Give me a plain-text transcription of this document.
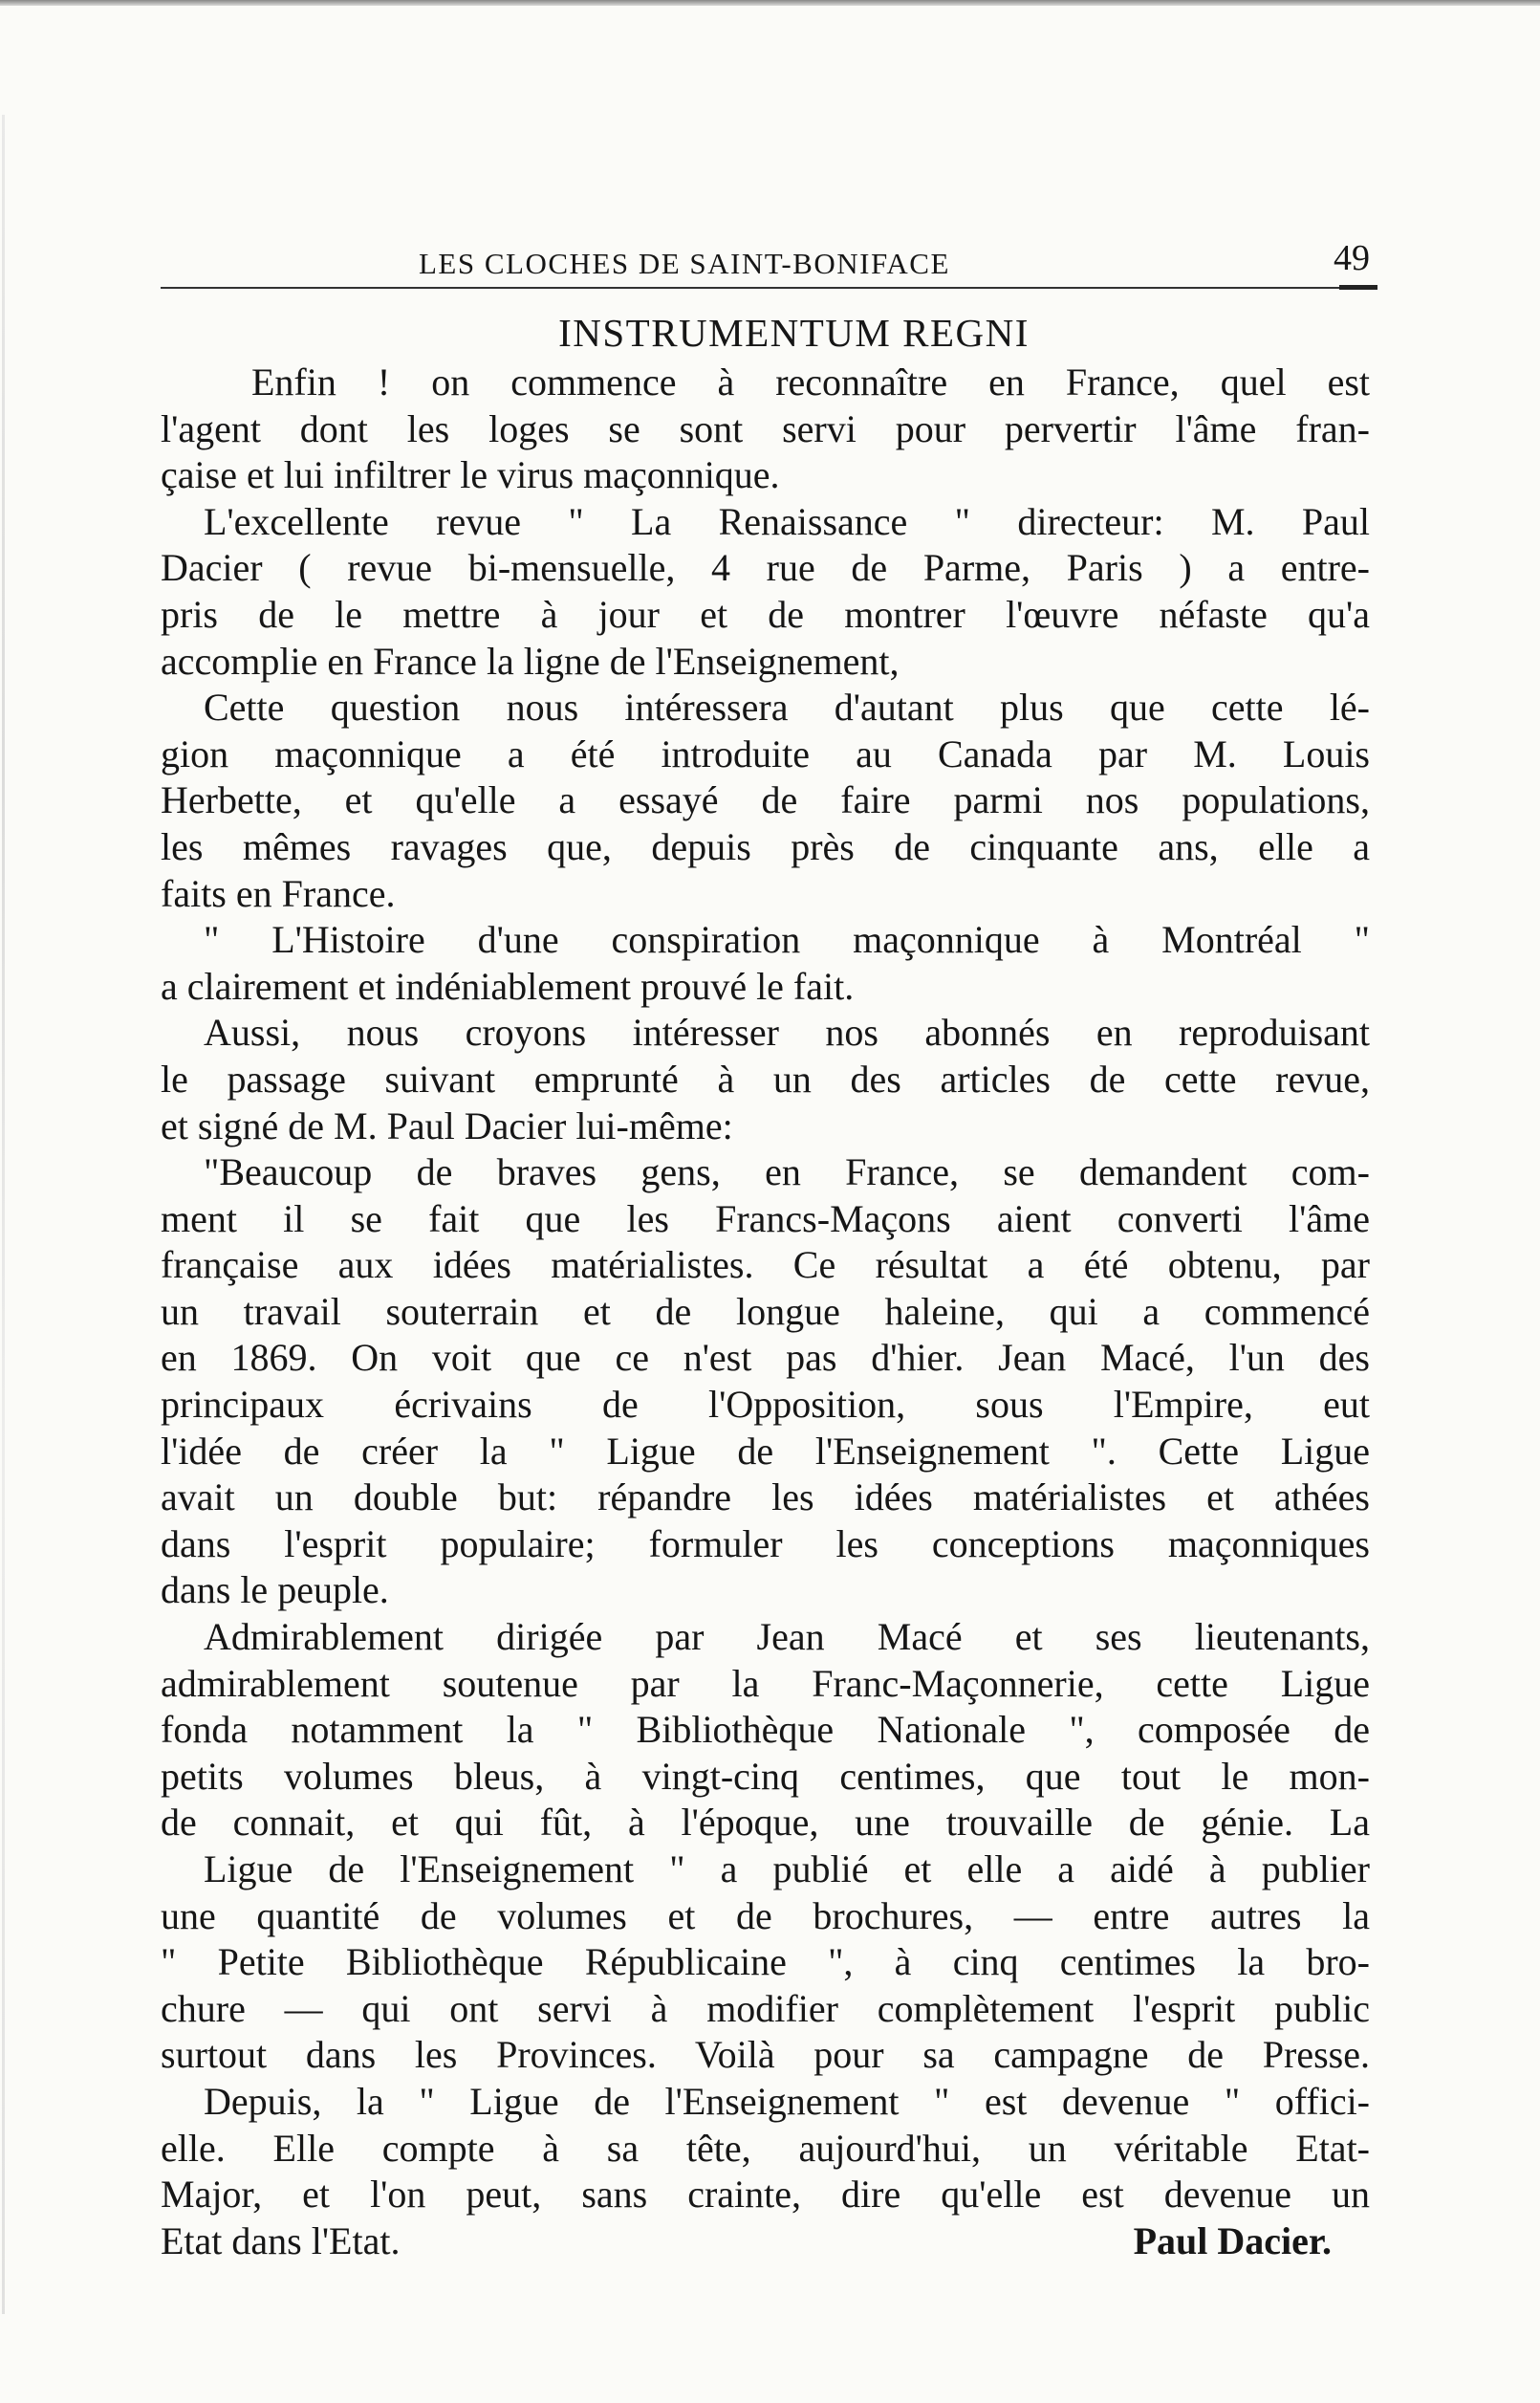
LES CLOCHES DE SAINT-BONIFACE	49
INSTRUMENTUM REGNI
Enfin ! on commence à reconnaître en France, quel est
l'agent dont les loges se sont servi pour pervertir l'âme fran-
çaise et lui infiltrer le virus maçonnique.
L'excellente revue " La Renaissance " directeur: M. Paul
Dacier ( revue bi-mensuelle, 4 rue de Parme, Paris ) a entre-
pris de le mettre à jour et de montrer l'œuvre néfaste qu'a
accomplie en France la ligne de l'Enseignement,
Cette question nous intéressera d'autant plus que cette lé-
gion maçonnique a été introduite au Canada par M. Louis
Herbette, et qu'elle a essayé de faire parmi nos populations,
les mêmes ravages que, depuis près de cinquante ans, elle a
faits en France.
" L'Histoire d'une conspiration maçonnique à Montréal "
a clairement et indéniablement prouvé le fait.
Aussi, nous croyons intéresser nos abonnés en reproduisant
le passage suivant emprunté à un des articles de cette revue,
et signé de M. Paul Dacier lui-même:
"Beaucoup de braves gens, en France, se demandent com-
ment il se fait que les Francs-Maçons aient converti l'âme
française aux idées matérialistes. Ce résultat a été obtenu, par
un travail souterrain et de longue haleine, qui a commencé
en 1869. On voit que ce n'est pas d'hier. Jean Macé, l'un des
principaux écrivains de l'Opposition, sous l'Empire, eut
l'idée de créer la " Ligue de l'Enseignement ". Cette Ligue
avait un double but: répandre les idées matérialistes et athées
dans l'esprit populaire; formuler les conceptions maçonniques
dans le peuple.
Admirablement dirigée par Jean Macé et ses lieutenants,
admirablement soutenue par la Franc-Maçonnerie, cette Ligue
fonda notamment la " Bibliothèque Nationale ", composée de
petits volumes bleus, à vingt-cinq centimes, que tout le mon-
de connait, et qui fût, à l'époque, une trouvaille de génie. La
Ligue de l'Enseignement " a publié et elle a aidé à publier
une quantité de volumes et de brochures, — entre autres la
" Petite Bibliothèque Républicaine ", à cinq centimes la bro-
chure — qui ont servi à modifier complètement l'esprit public
surtout dans les Provinces. Voilà pour sa campagne de Presse.
Depuis, la " Ligue de l'Enseignement " est devenue " offici-
elle. Elle compte à sa tête, aujourd'hui, un véritable Etat-
Major, et l'on peut, sans crainte, dire qu'elle est devenue un
Etat dans l'Etat.	Paul Dacier.
